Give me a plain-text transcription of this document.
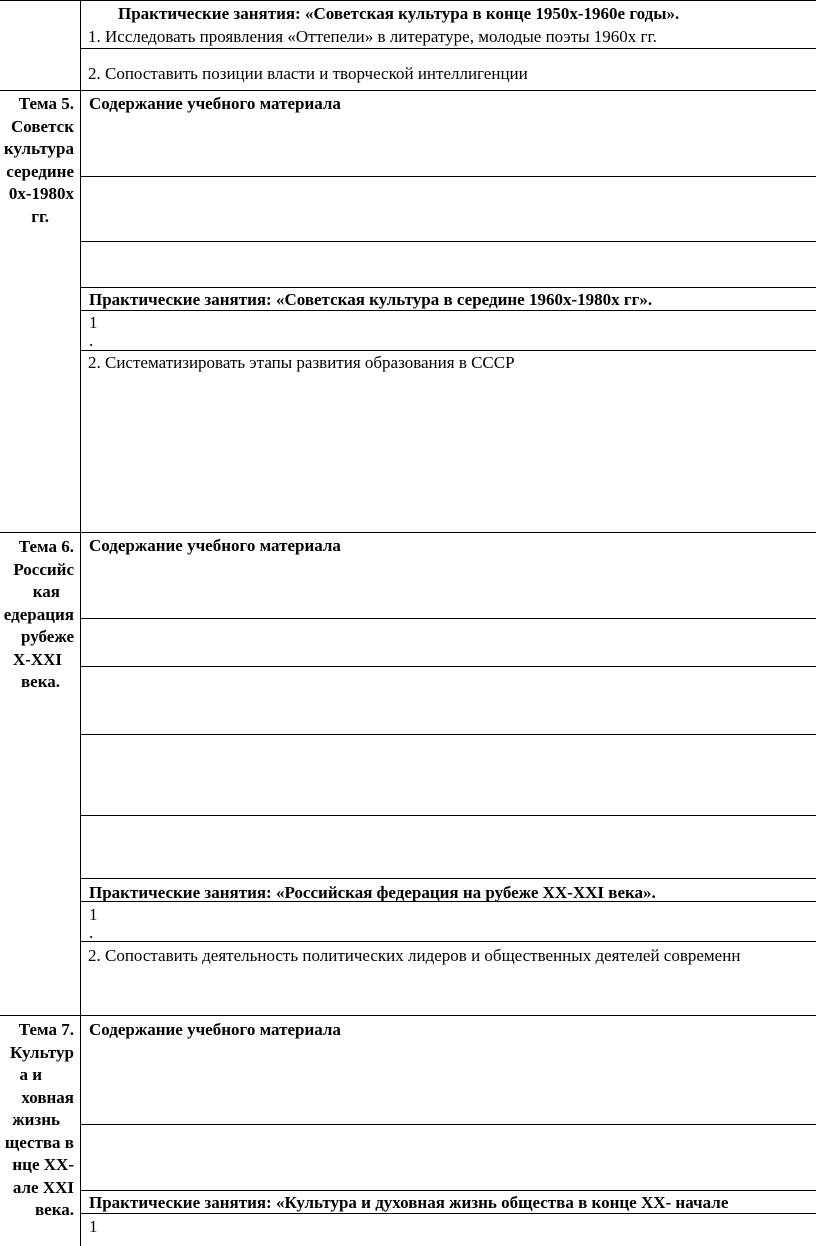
Практические занятия: «Советская культура в конце 1950х-1960е годы».
1. Исследовать проявления «Оттепели» в литературе, молодые поэты 1960х гг.
2. Сопоставить позиции власти и творческой интеллигенции
Тема 5.
Советск
культура
середине
0х-1980х
гг.
Содержание учебного материала
Практические занятия: «Советская культура в середине 1960х-1980х гг».
1
.
2. Систематизировать этапы развития образования в СССР
Тема 6.
Российс
кая
едерация
рубеже
X-XXI
века.
Содержание учебного материала
Практические занятия: «Российская федерация на рубеже XX-XXI века».
1
.
2. Сопоставить деятельность политических лидеров и общественных деятелей современн
Тема 7.
Культур
а и
ховная
жизнь
щества в
нце XX-
але XXI
века.
Содержание учебного материала
Практические занятия: «Культура и духовная жизнь общества в конце XX- начале
1
